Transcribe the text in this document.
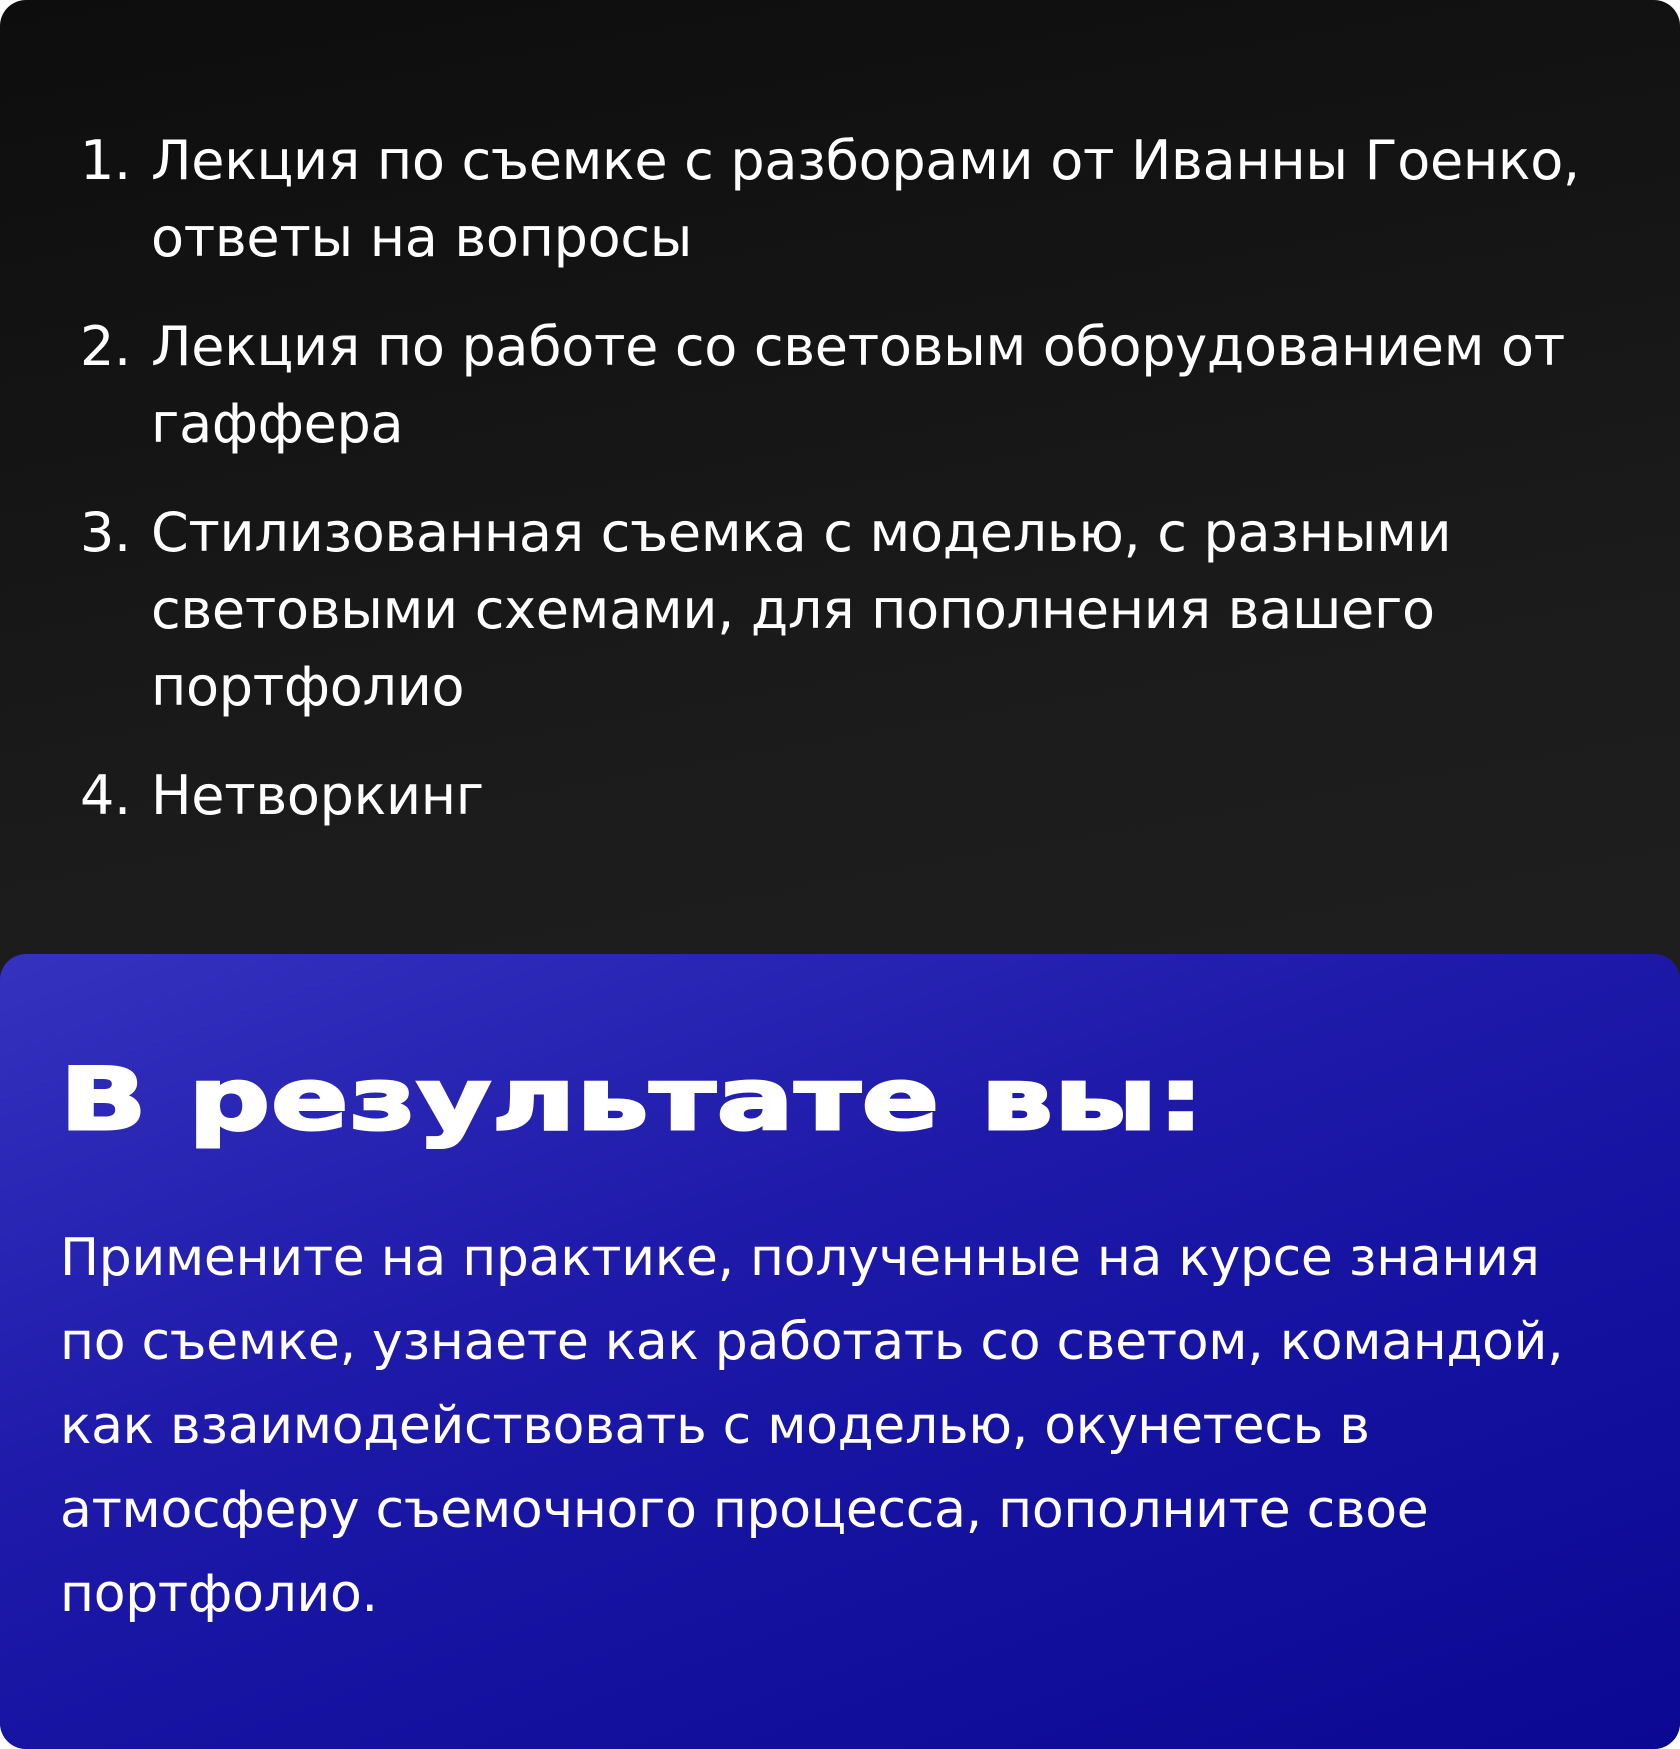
1. Лекция по съемке с разборами от Иванны Гоенко, ответы на вопросы
2. Лекция по работе со световым оборудованием от гаффера
3. Стилизованная съемка с моделью, с разными световыми схемами, для пополнения вашего портфолио
4. Нетворкинг
В результате вы:

Примените на практике, полученные на курсе знания по съемке, узнаете как работать со светом, командой, как взаимодействовать с моделью, окунетесь в атмосферу съемочного процесса, пополните свое портфолио.
